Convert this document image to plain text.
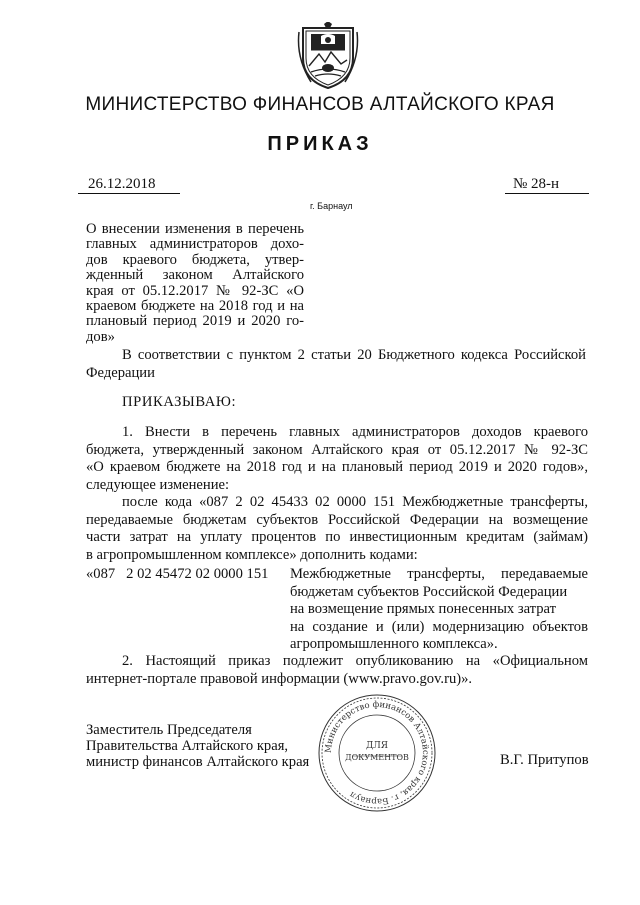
МИНИСТЕРСТВО ФИНАНСОВ АЛТАЙСКОГО КРАЯ
ПРИКАЗ
26.12.2018	№ 28-н
г. Барнаул
О внесении изменения в перечень
главных администраторов дохо-
дов краевого бюджета, утвер-
жденный законом Алтайского
края от 05.12.2017 № 92-ЗС «О
краевом бюджете на 2018 год и на
плановый период 2019 и 2020 го-
дов»
В соответствии с пунктом 2 статьи 20 Бюджетного кодекса Российской
Федерации
ПРИКАЗЫВАЮ:
1. Внести в перечень главных администраторов доходов краевого
бюджета, утвержденный законом Алтайского края от 05.12.2017 № 92-ЗС
«О краевом бюджете на 2018 год и на плановый период 2019 и 2020 годов»,
следующее изменение:
после кода «087 2 02 45433 02 0000 151 Межбюджетные трансферты,
передаваемые бюджетам субъектов Российской Федерации на возмещение
части затрат на уплату процентов по инвестиционным кредитам (займам)
в агропромышленном комплексе» дополнить кодами:
«087   2 02 45472 02 0000 151 Межбюджетные трансферты, передаваемые
бюджетам субъектов Российской Федерации
на возмещение прямых понесенных затрат
на создание и (или) модернизацию объектов
агропромышленного комплекса».
2. Настоящий приказ подлежит опубликованию на «Официальном
интернет-портале правовой информации (www.pravo.gov.ru)».
Заместитель Председателя
Правительства Алтайского края,
министр финансов Алтайского края	В.Г. Притупов
Министерство финансов Алтайского края, г. Барнаул
ДЛЯ
ДОКУМЕНТОВ
